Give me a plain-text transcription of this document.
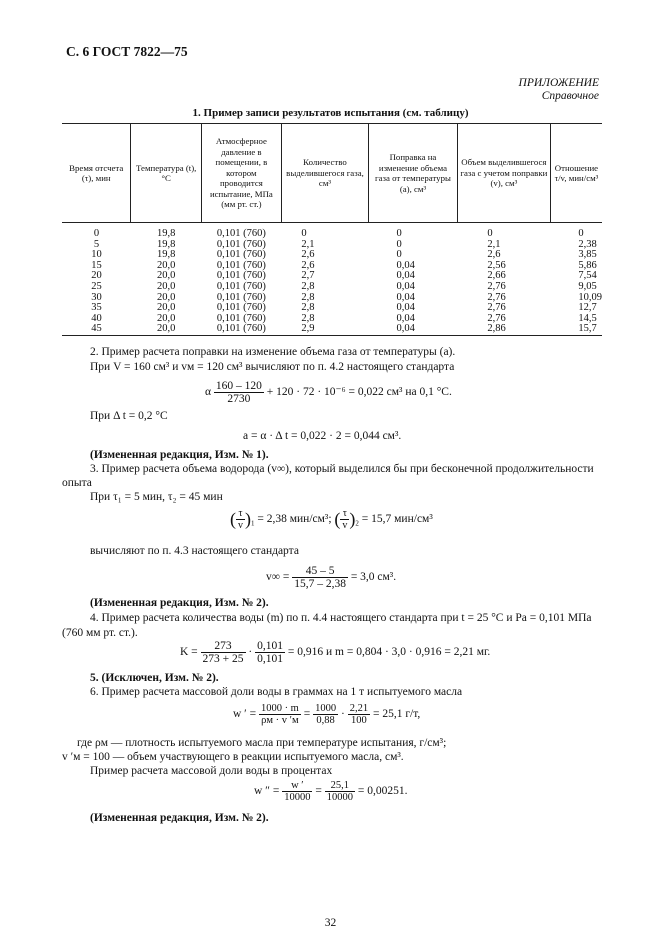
С. 6 ГОСТ 7822—75
ПРИЛОЖЕНИЕ
Справочное
1. Пример записи результатов испытания (см. таблицу)
Время отсчета (τ), мин	Температура (t), °С	Атмосферное давление в помещении, в котором проводится испытание, МПа (мм рт. ст.)	Количество выделившегося газа, см³	Поправка на изменение объема газа от температуры (a), см³	Объем выделившегося газа с учетом поправки (v), см³	Отношение τ/v, мин/см³
0	19,8	0,101 (760)	0	0	0	0
5	19,8	0,101 (760)	2,1	0	2,1	2,38
10	19,8	0,101 (760)	2,6	0	2,6	3,85
15	20,0	0,101 (760)	2,6	0,04	2,56	5,86
20	20,0	0,101 (760)	2,7	0,04	2,66	7,54
25	20,0	0,101 (760)	2,8	0,04	2,76	9,05
30	20,0	0,101 (760)	2,8	0,04	2,76	10,09
35	20,0	0,101 (760)	2,8	0,04	2,76	12,7
40	20,0	0,101 (760)	2,8	0,04	2,76	14,5
45	20,0	0,101 (760)	2,9	0,04	2,86	15,7
2. Пример расчета поправки на изменение объема газа от температуры (a).
При V = 160 см³ и vм = 120 см³ вычисляют по п. 4.2 настоящего стандарта
α $\frac{160 - 120}{2730} + 120 \cdot 72 \cdot 10^{-6} = 0,022$ см³ на 0,1 °С.
При Δ t = 0,2 °С
a = α · Δ t = 0,022 · 2 = 0,044 см³.
(Измененная редакция, Изм. № 1).
3. Пример расчета объема водорода (v∞), который выделился бы при бесконечной продолжительности
опыта
При τ₁ = 5 мин, τ₂ = 45 мин
( $\frac{\tau}{v} )_1 = 2,38$ мин/см³; ( $\frac{\tau}{v} )_2 = 15,7$ мин/см³
вычисляют по п. 4.3 настоящего стандарта
$v\infty = \frac{45 - 5}{15,7 - 2,38} = 3,0$ см³.
(Измененная редакция, Изм. № 2).
4. Пример расчета количества воды (m) по п. 4.4 настоящего стандарта при t = 25 °С и Pa = 0,101 МПа
(760 мм рт. ст.).
$K = \frac{273}{273 + 25} \cdot \frac{0,101}{0,101} = 0,916$ и m = 0,804 · 3,0 · 0,916 = 2,21 мг.
5. (Исключен, Изм. № 2).
6. Пример расчета массовой доли воды в граммах на 1 т испытуемого масла
w ′ = $\frac{1000 \cdot m}{\rho м \cdot v 'м} = \frac{1000}{0,88} \cdot \frac{2,21}{100} = 25,1$ г/т,
где ρм — плотность испытуемого масла при температуре испытания, г/см³;
v ′м = 100 — объем участвующего в реакции испытуемого масла, см³.
Пример расчета массовой доли воды в процентах
w ″ = $\frac{w '}{10000} = \frac{25,1}{10000} = 0,00251$.
(Измененная редакция, Изм. № 2).
32
